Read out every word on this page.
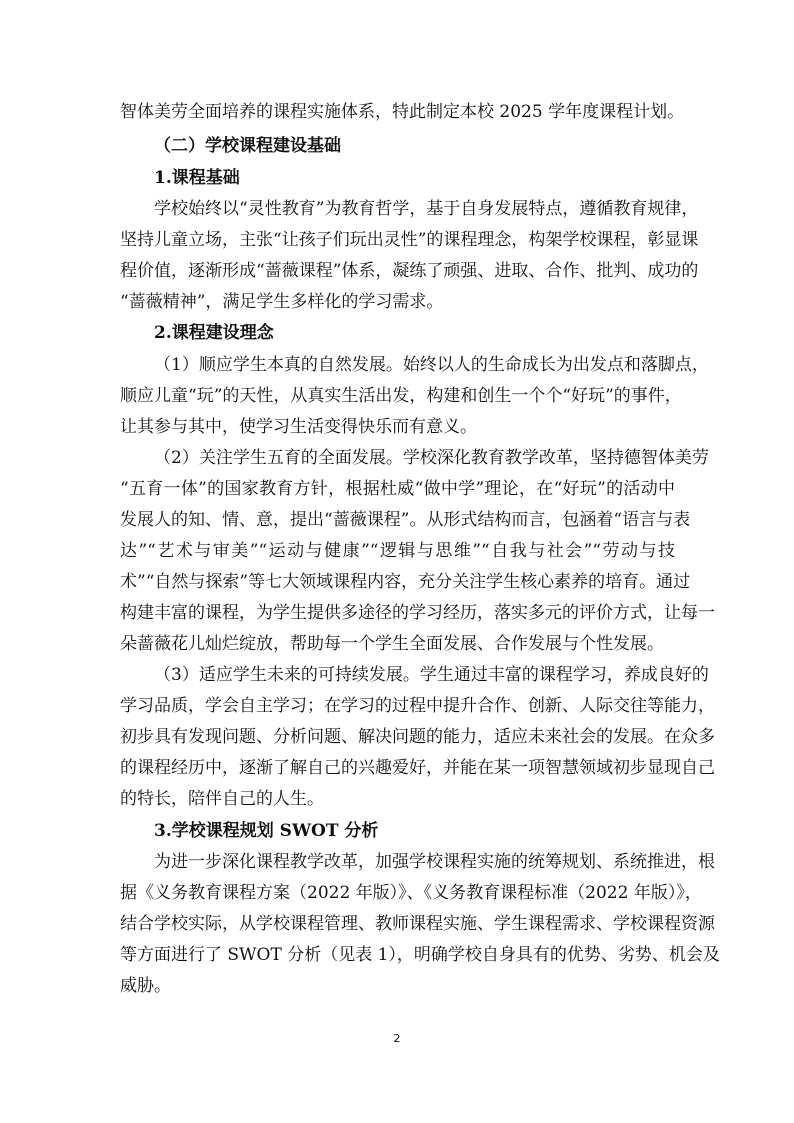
智体美劳全面培养的课程实施体系，特此制定本校 2025 学年度课程计划。
（二）学校课程建设基础
1.课程基础
学校始终以“灵性教育”为教育哲学，基于自身发展特点，遵循教育规律，
坚持儿童立场，主张“让孩子们玩出灵性”的课程理念，构架学校课程，彰显课
程价值，逐渐形成“蔷薇课程”体系，凝练了顽强、进取、合作、批判、成功的
“蔷薇精神”，满足学生多样化的学习需求。
2.课程建设理念
（1）顺应学生本真的自然发展。始终以人的生命成长为出发点和落脚点，
顺应儿童“玩”的天性，从真实生活出发，构建和创生一个个“好玩”的事件，
让其参与其中，使学习生活变得快乐而有意义。
（2）关注学生五育的全面发展。学校深化教育教学改革，坚持德智体美劳
“五育一体”的国家教育方针，根据杜威“做中学”理论，在“好玩”的活动中
发展人的知、情、意，提出“蔷薇课程”。从形式结构而言，包涵着“语言与表
达”“艺术与审美”“运动与健康”“逻辑与思维”“自我与社会”“劳动与技
术”“自然与探索”等七大领域课程内容，充分关注学生核心素养的培育。通过
构建丰富的课程，为学生提供多途径的学习经历，落实多元的评价方式，让每一
朵蔷薇花儿灿烂绽放，帮助每一个学生全面发展、合作发展与个性发展。
（3）适应学生未来的可持续发展。学生通过丰富的课程学习，养成良好的
学习品质，学会自主学习；在学习的过程中提升合作、创新、人际交往等能力，
初步具有发现问题、分析问题、解决问题的能力，适应未来社会的发展。在众多
的课程经历中，逐渐了解自己的兴趣爱好，并能在某一项智慧领域初步显现自己
的特长，陪伴自己的人生。
3.学校课程规划 SWOT 分析
为进一步深化课程教学改革，加强学校课程实施的统筹规划、系统推进，根
据《义务教育课程方案（2022 年版）》、《义务教育课程标准（2022 年版）》，
结合学校实际，从学校课程管理、教师课程实施、学生课程需求、学校课程资源
等方面进行了 SWOT 分析（见表 1），明确学校自身具有的优势、劣势、机会及
威胁。
2
